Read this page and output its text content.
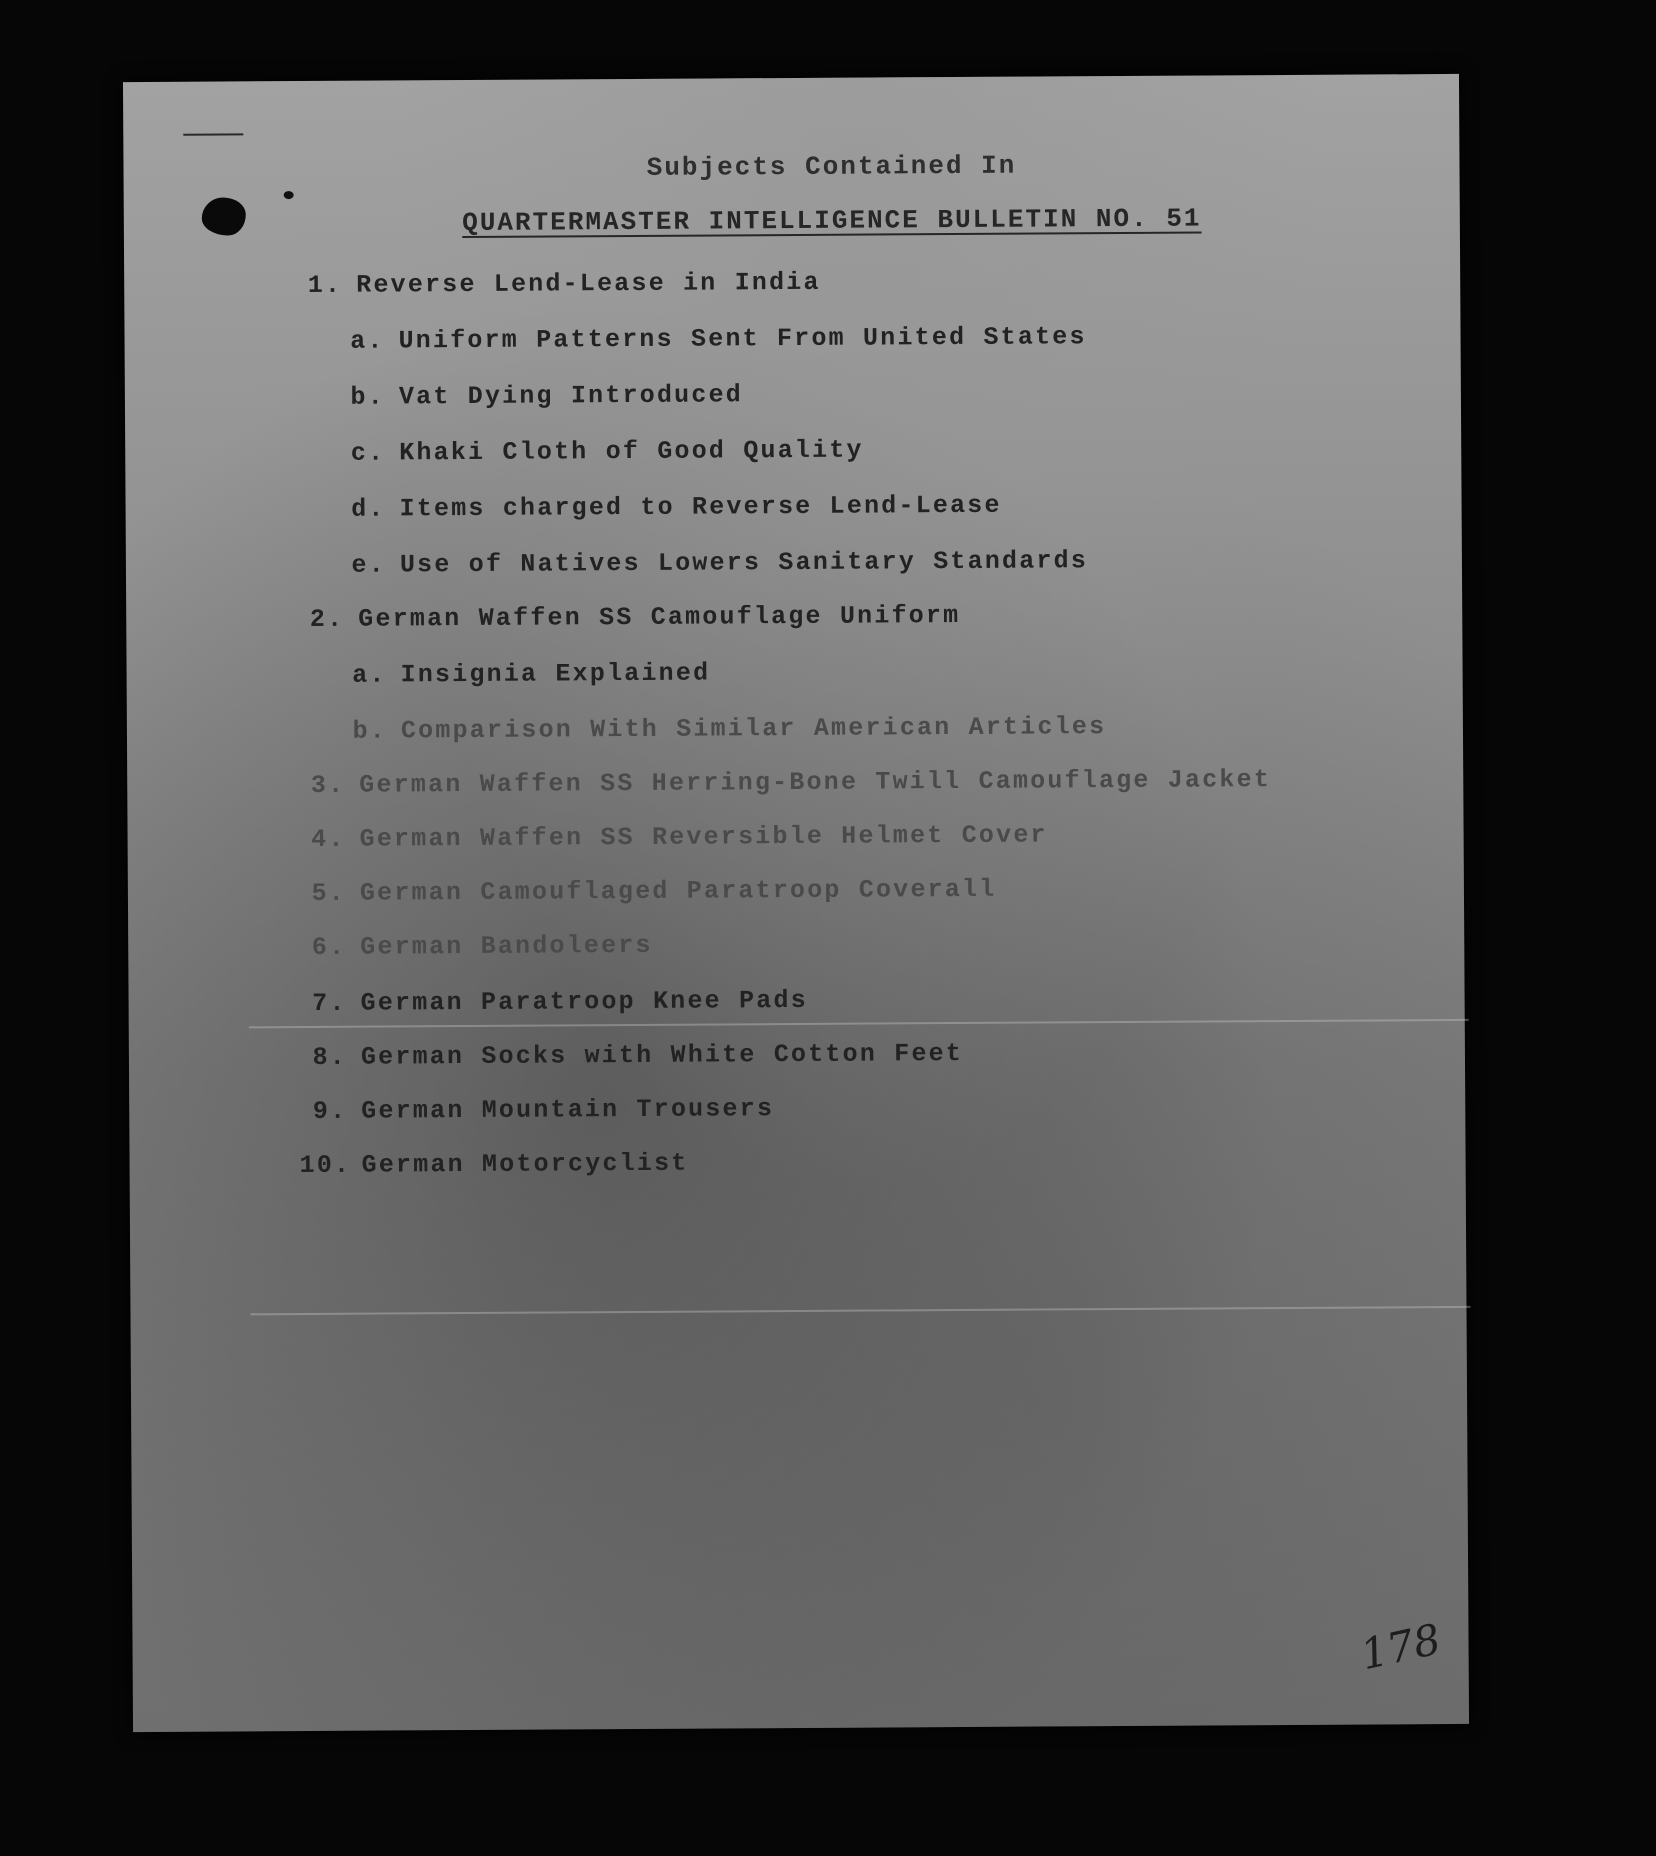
Subjects Contained In
QUARTERMASTER INTELLIGENCE BULLETIN NO. 51
1. Reverse Lend-Lease in India
a. Uniform Patterns Sent From United States
b. Vat Dying Introduced
c. Khaki Cloth of Good Quality
d. Items charged to Reverse Lend-Lease
e. Use of Natives Lowers Sanitary Standards
2. German Waffen SS Camouflage Uniform
a. Insignia Explained
b. Comparison With Similar American Articles
3. German Waffen SS Herring-Bone Twill Camouflage Jacket
4. German Waffen SS Reversible Helmet Cover
5. German Camouflaged Paratroop Coverall
6. German Bandoleers
7. German Paratroop Knee Pads
8. German Socks with White Cotton Feet
9. German Mountain Trousers
10. German Motorcyclist
178
